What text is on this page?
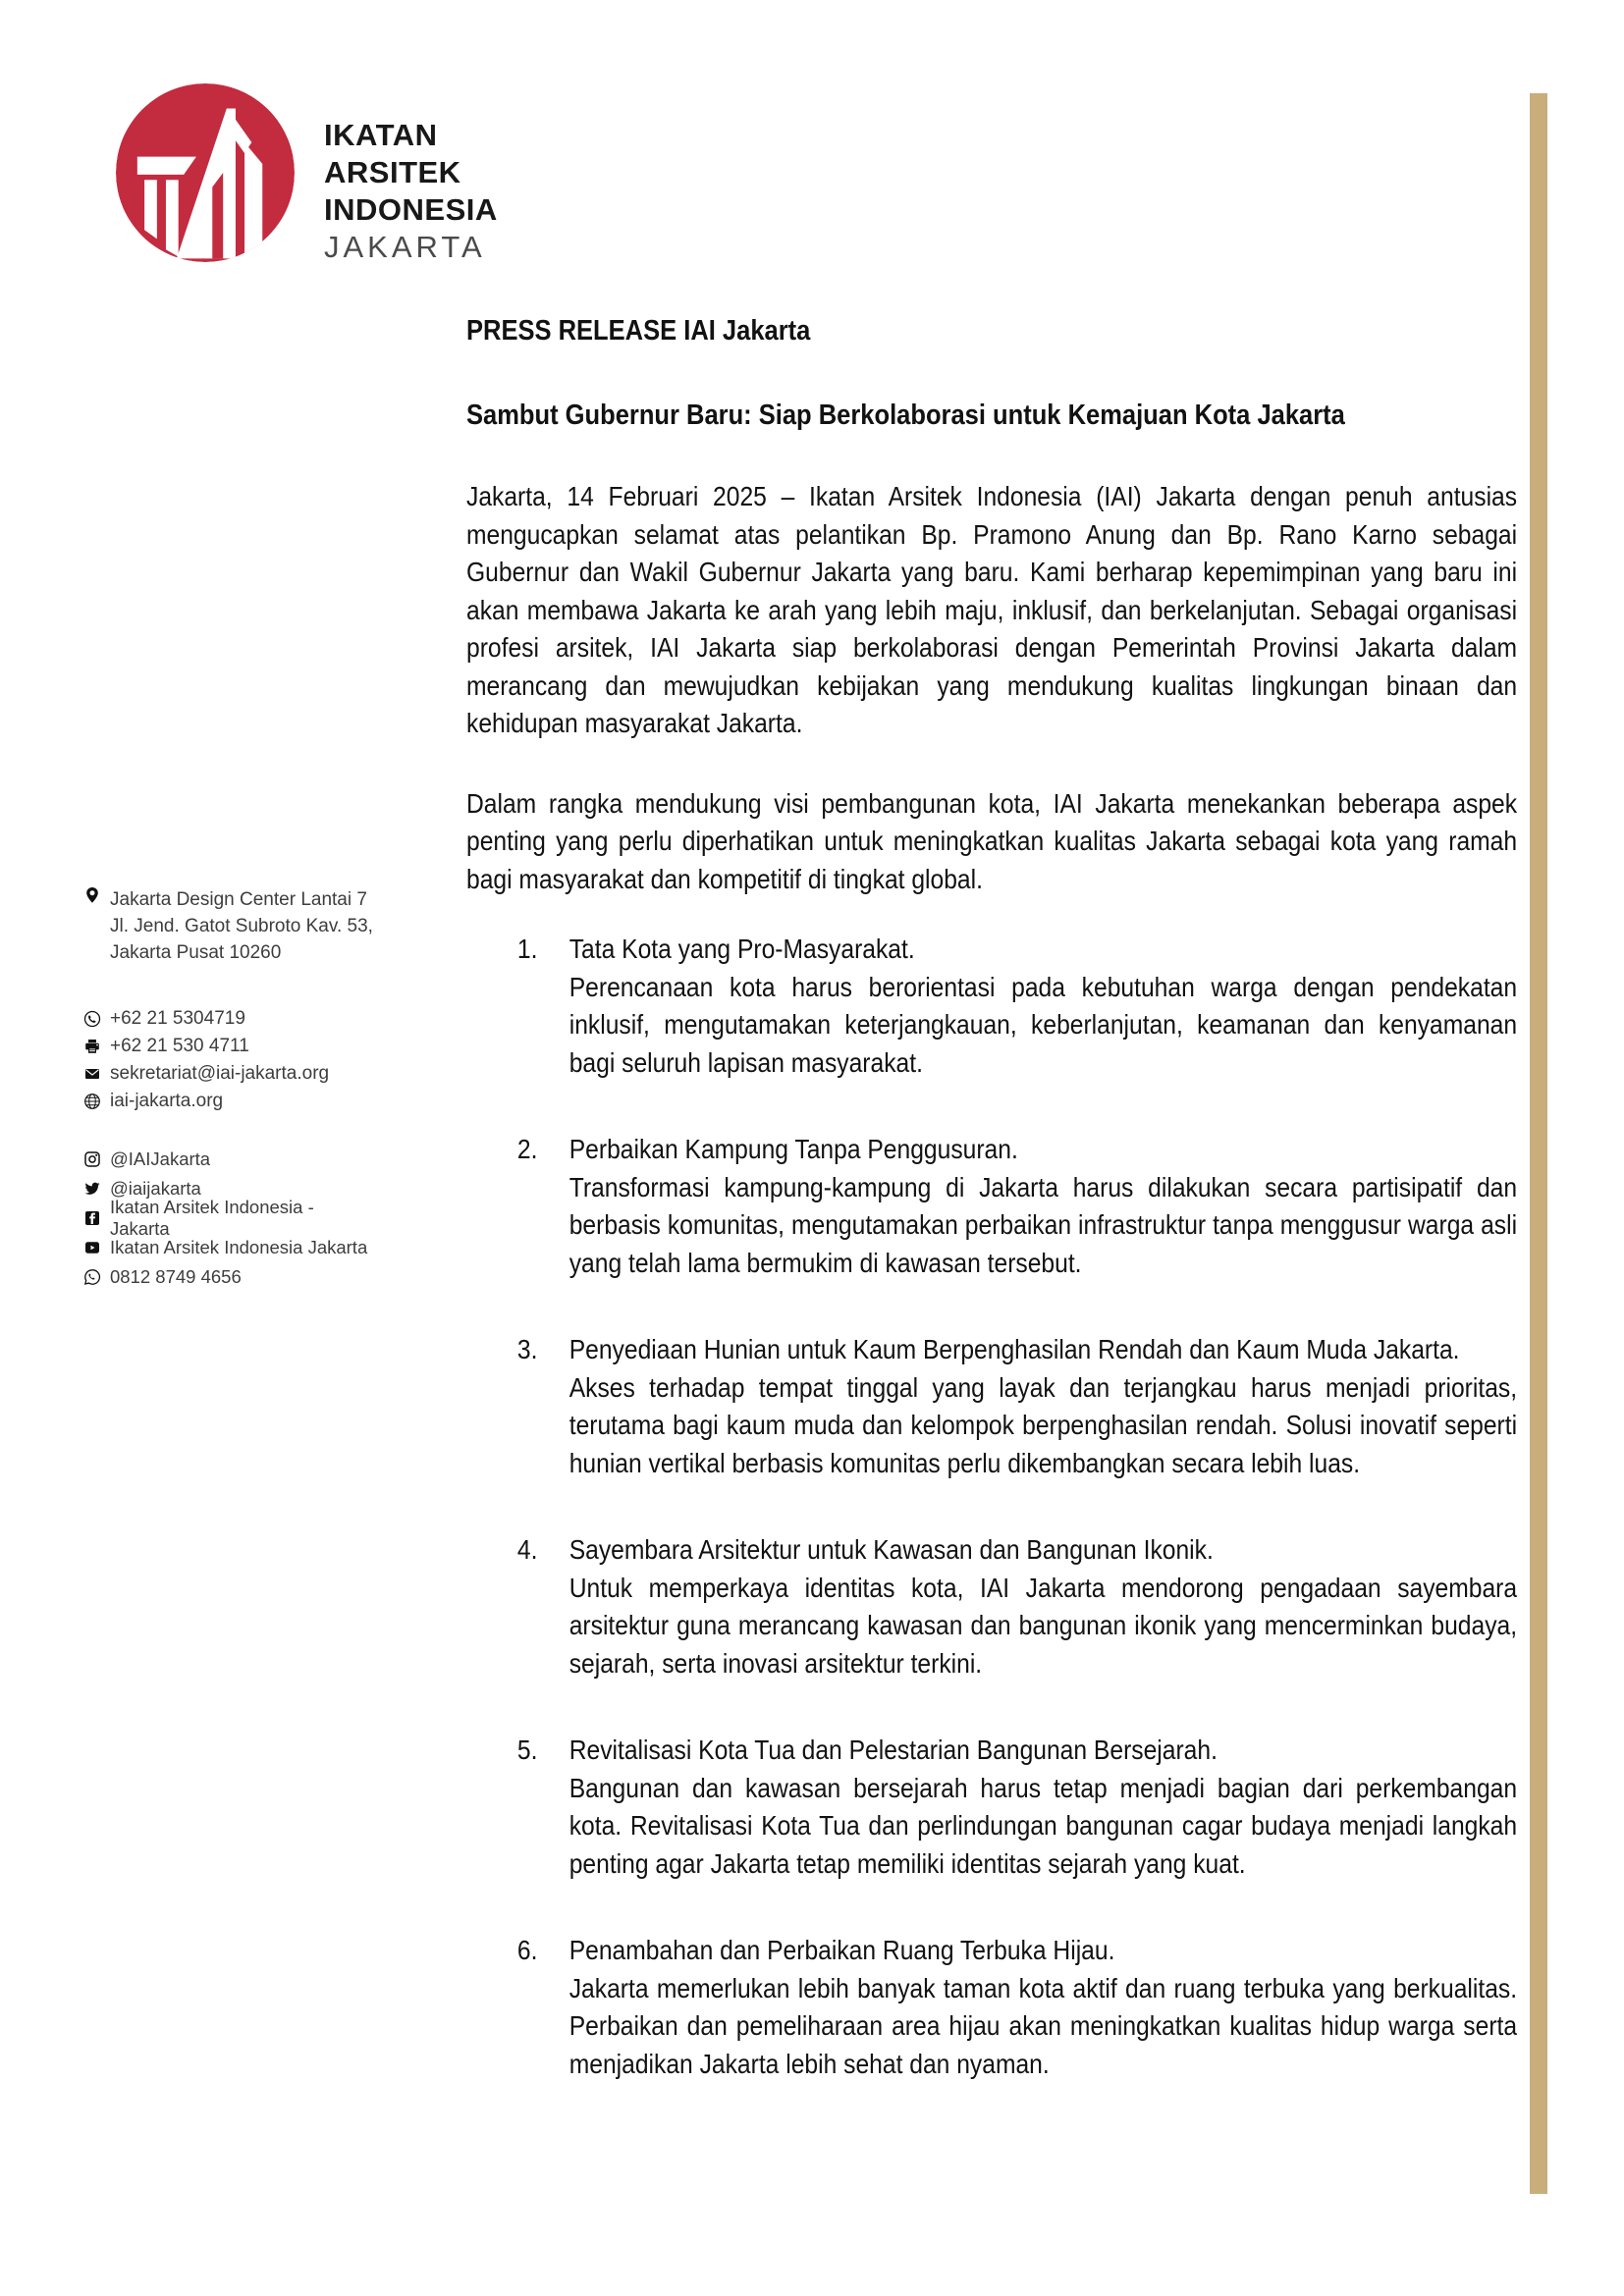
IKATAN
ARSITEK
INDONESIA
JAKARTA
Jakarta Design Center Lantai 7
Jl. Jend. Gatot Subroto Kav. 53,
Jakarta Pusat 10260
+62 21 5304719
+62 21 530 4711
sekretariat@iai-jakarta.org
iai-jakarta.org
@IAIJakarta
@iaijakarta
Ikatan Arsitek Indonesia - Jakarta
Ikatan Arsitek Indonesia Jakarta
0812 8749 4656
PRESS RELEASE IAI Jakarta
Sambut Gubernur Baru: Siap Berkolaborasi untuk Kemajuan Kota Jakarta

Jakarta, 14 Februari 2025 – Ikatan Arsitek Indonesia (IAI) Jakarta dengan penuh antusias mengucapkan selamat atas pelantikan Bp. Pramono Anung dan Bp. Rano Karno sebagai Gubernur dan Wakil Gubernur Jakarta yang baru. Kami berharap kepemimpinan yang baru ini akan membawa Jakarta ke arah yang lebih maju, inklusif, dan berkelanjutan. Sebagai organisasi profesi arsitek, IAI Jakarta siap berkolaborasi dengan Pemerintah Provinsi Jakarta dalam merancang dan mewujudkan kebijakan yang mendukung kualitas lingkungan binaan dan kehidupan masyarakat Jakarta.

Dalam rangka mendukung visi pembangunan kota, IAI Jakarta menekankan beberapa aspek penting yang perlu diperhatikan untuk meningkatkan kualitas Jakarta sebagai kota yang ramah bagi masyarakat dan kompetitif di tingkat global.

1. Tata Kota yang Pro-Masyarakat.
Perencanaan kota harus berorientasi pada kebutuhan warga dengan pendekatan inklusif, mengutamakan keterjangkauan, keberlanjutan, keamanan dan kenyamanan bagi seluruh lapisan masyarakat.
2. Perbaikan Kampung Tanpa Penggusuran.
Transformasi kampung-kampung di Jakarta harus dilakukan secara partisipatif dan berbasis komunitas, mengutamakan perbaikan infrastruktur tanpa menggusur warga asli yang telah lama bermukim di kawasan tersebut.
3. Penyediaan Hunian untuk Kaum Berpenghasilan Rendah dan Kaum Muda Jakarta.
Akses terhadap tempat tinggal yang layak dan terjangkau harus menjadi prioritas, terutama bagi kaum muda dan kelompok berpenghasilan rendah. Solusi inovatif seperti hunian vertikal berbasis komunitas perlu dikembangkan secara lebih luas.
4. Sayembara Arsitektur untuk Kawasan dan Bangunan Ikonik.
Untuk memperkaya identitas kota, IAI Jakarta mendorong pengadaan sayembara arsitektur guna merancang kawasan dan bangunan ikonik yang mencerminkan budaya, sejarah, serta inovasi arsitektur terkini.
5. Revitalisasi Kota Tua dan Pelestarian Bangunan Bersejarah.
Bangunan dan kawasan bersejarah harus tetap menjadi bagian dari perkembangan kota. Revitalisasi Kota Tua dan perlindungan bangunan cagar budaya menjadi langkah penting agar Jakarta tetap memiliki identitas sejarah yang kuat.
6. Penambahan dan Perbaikan Ruang Terbuka Hijau.
Jakarta memerlukan lebih banyak taman kota aktif dan ruang terbuka yang berkualitas. Perbaikan dan pemeliharaan area hijau akan meningkatkan kualitas hidup warga serta menjadikan Jakarta lebih sehat dan nyaman.
